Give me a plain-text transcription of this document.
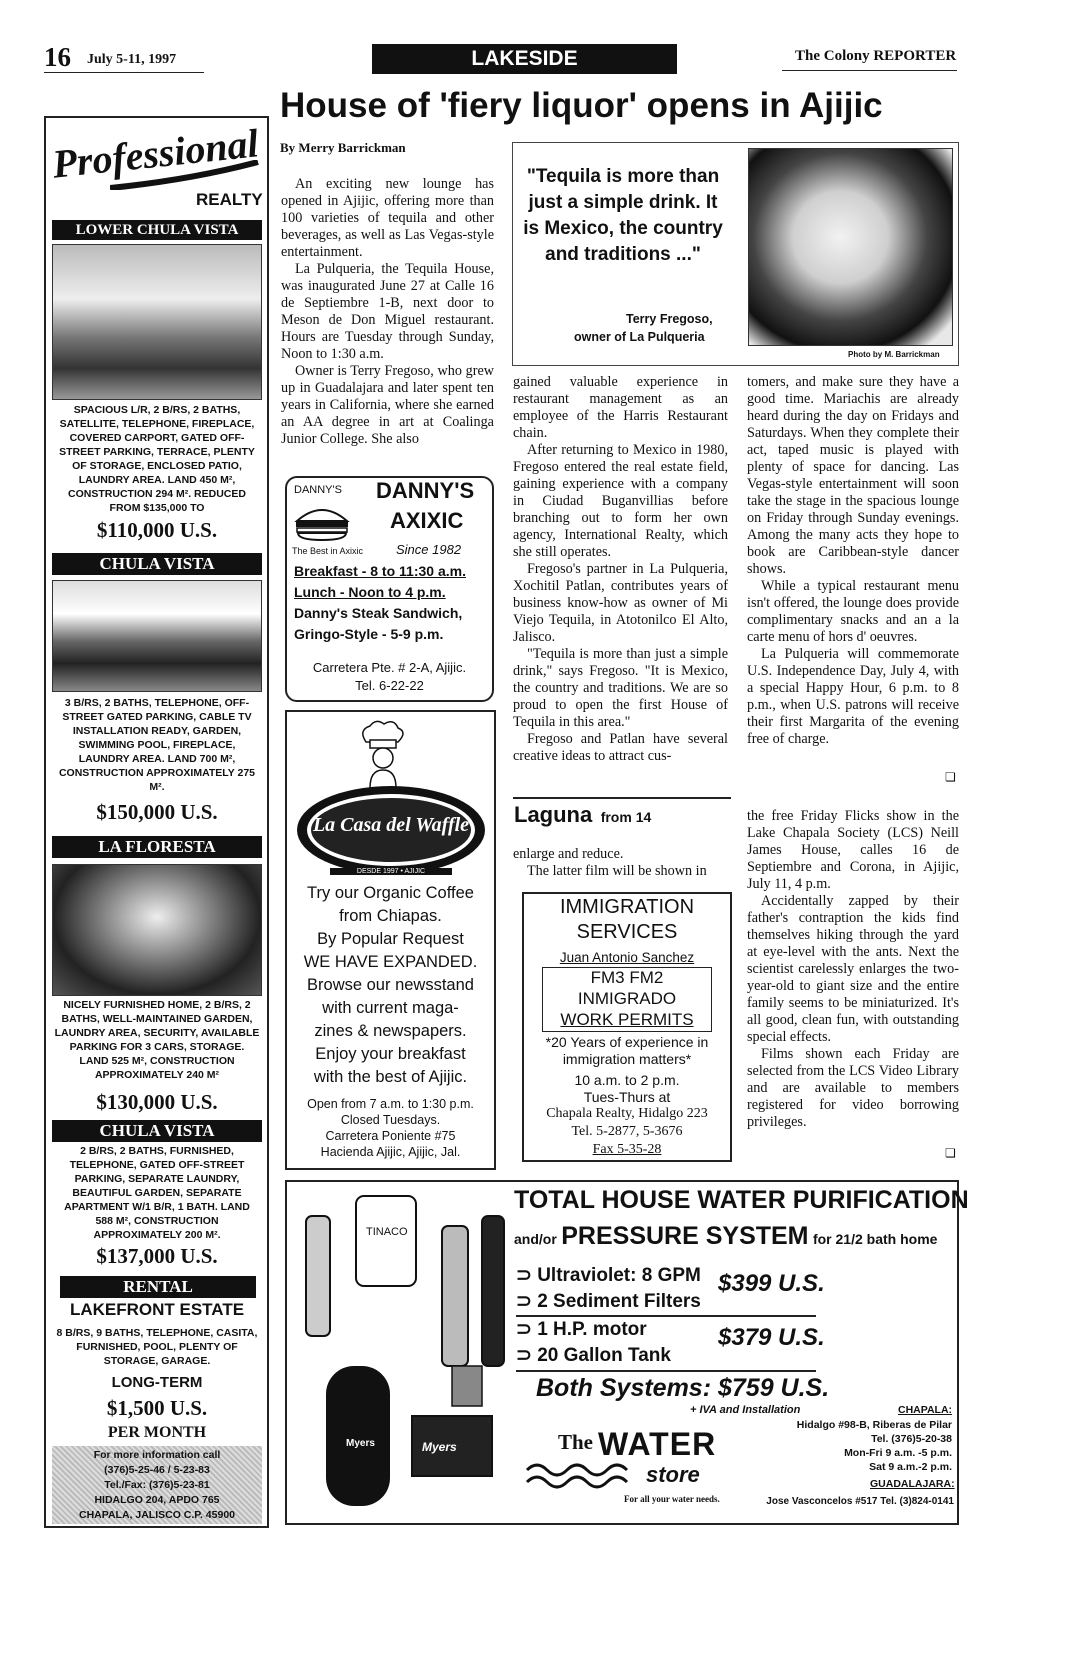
16 July 5-11, 1997	LAKESIDE	The Colony REPORTER
House of 'fiery liquor' opens in Ajijic
By Merry Barrickman

An exciting new lounge has opened in Ajijic, offering more than 100 varieties of tequila and other beverages, as well as Las Vegas-style entertainment.

La Pulqueria, the Tequila House, was inaugurated June 27 at Calle 16 de Septiembre 1-B, next door to Meson de Don Miguel restaurant. Hours are Tuesday through Sunday, Noon to 1:30 a.m.

Owner is Terry Fregoso, who grew up in Guadalajara and later spent ten years in California, where she earned an AA degree in art at Coalinga Junior College. She also

"Tequila is more than just a simple drink. It is Mexico, the country and traditions ..."
Terry Fregoso,
owner of La Pulqueria
Photo by M. Barrickman

gained valuable experience in restaurant management as an employee of the Harris Restaurant chain.

After returning to Mexico in 1980, Fregoso entered the real estate field, gaining experience with a company in Ciudad Buganvillias before branching out to form her own agency, International Realty, which she still operates.

Fregoso's partner in La Pulqueria, Xochitil Patlan, contributes years of business know-how as owner of Mi Viejo Tequila, in Atotonilco El Alto, Jalisco.

"Tequila is more than just a simple drink," says Fregoso. "It is Mexico, the country and traditions. We are so proud to open the first House of Tequila in this area."

Fregoso and Patlan have several creative ideas to attract cus-

tomers, and make sure they have a good time. Mariachis are already heard during the day on Fridays and Saturdays. When they complete their act, taped music is played with plenty of space for dancing. Las Vegas-style entertainment will soon take the stage in the spacious lounge on Friday through Sunday evenings. Among the many acts they hope to book are Caribbean-style dancer shows.

While a typical restaurant menu isn't offered, the lounge does provide complimentary snacks and an a la carte menu of hors d' oeuvres.

La Pulqueria will commemorate U.S. Independence Day, July 4, with a special Happy Hour, 6 p.m. to 8 p.m., when U.S. patrons will receive their first Margarita of the evening free of charge.

❏
Laguna from 14

enlarge and reduce.

The latter film will be shown in

the free Friday Flicks show in the Lake Chapala Society (LCS) Neill James House, calles 16 de Septiembre and Corona, in Ajijic, July 11, 4 p.m.

Accidentally zapped by their father's contraption the kids find themselves hiking through the yard at eye-level with the ants. Next the scientist carelessly enlarges the two-year-old to giant size and the entire family seems to be miniaturized. It's all good, clean fun, with outstanding special effects.

Films shown each Friday are selected from the LCS Video Library and are available to members registered for video borrowing privileges.

❏
IMMIGRATION
SERVICES
Juan Antonio Sanchez
FM3 FM2
INMIGRADO
WORK PERMITS
*20 Years of experience in immigration matters*
10 a.m. to 2 p.m.
Tues-Thurs at
Chapala Realty, Hidalgo 223
Tel. 5-2877, 5-3676
Fax 5-35-28
DANNY'S DANNY'S
AXIXIC
The Best in Axixic	Since 1982
Breakfast - 8 to 11:30 a.m.
Lunch - Noon to 4 p.m.
Danny's Steak Sandwich,
Gringo-Style - 5-9 p.m.
Carretera Pte. # 2-A, Ajijic.
Tel. 6-22-22
La Casa del Waffle
DESDE 1997 • AJIJIC
Try our Organic Coffee
from Chiapas.
By Popular Request
WE HAVE EXPANDED.
Browse our newsstand
with current maga-
zines & newspapers.
Enjoy your breakfast
with the best of Ajijic.
Open from 7 a.m. to 1:30 p.m.
Closed Tuesdays.
Carretera Poniente #75
Hacienda Ajijic, Ajijic, Jal.
Professional
REALTY
LOWER CHULA VISTA
SPACIOUS L/R, 2 B/RS, 2 BATHS, SATELLITE, TELEPHONE, FIREPLACE, COVERED CARPORT, GATED OFF-STREET PARKING, TERRACE, PLENTY OF STORAGE, ENCLOSED PATIO, LAUNDRY AREA. LAND 450 M², CONSTRUCTION 294 M². REDUCED FROM $135,000 TO
$110,000 U.S.
CHULA VISTA
3 B/RS, 2 BATHS, TELEPHONE, OFF-STREET GATED PARKING, CABLE TV INSTALLATION READY, GARDEN, SWIMMING POOL, FIREPLACE, LAUNDRY AREA. LAND 700 M², CONSTRUCTION APPROXIMATELY 275 M².
$150,000 U.S.
LA FLORESTA
NICELY FURNISHED HOME, 2 B/RS, 2 BATHS, WELL-MAINTAINED GARDEN, LAUNDRY AREA, SECURITY, AVAILABLE PARKING FOR 3 CARS, STORAGE. LAND 525 M², CONSTRUCTION APPROXIMATELY 240 M²
$130,000 U.S.
CHULA VISTA
2 B/RS, 2 BATHS, FURNISHED, TELEPHONE, GATED OFF-STREET PARKING, SEPARATE LAUNDRY, BEAUTIFUL GARDEN, SEPARATE APARTMENT W/1 B/R, 1 BATH. LAND 588 M², CONSTRUCTION APPROXIMATELY 200 M².
$137,000 U.S.
RENTAL
LAKEFRONT ESTATE
8 B/RS, 9 BATHS, TELEPHONE, CASITA, FURNISHED, POOL, PLENTY OF STORAGE, GARAGE.
LONG-TERM
$1,500 U.S.
PER MONTH
For more information call
(376)5-25-46 / 5-23-83
Tel./Fax: (376)5-23-81
HIDALGO 204, APDO 765
CHAPALA, JALISCO C.P. 45900
TINACO
Myers	Myers
TOTAL HOUSE WATER PURIFICATION
and/or PRESSURE SYSTEM for 21/2 bath home
⊃ Ultraviolet: 8 GPM
⊃ 2 Sediment Filters
$399 U.S.
⊃ 1 H.P. motor
⊃ 20 Gallon Tank
$379 U.S.
Both Systems: $759 U.S.
+ IVA and Installation
The WATER
store
For all your water needs.
CHAPALA:
Hidalgo #98-B, Riberas de Pilar
Tel. (376)5-20-38
Mon-Fri 9 a.m. -5 p.m.
Sat 9 a.m.-2 p.m.
GUADALAJARA:
Jose Vasconcelos #517 Tel. (3)824-0141
